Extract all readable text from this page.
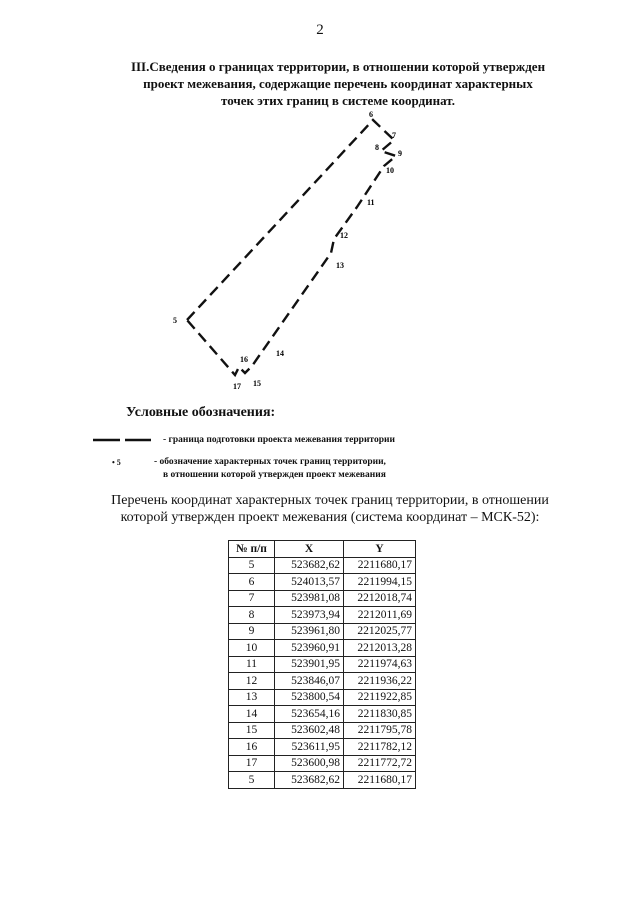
2
III.Сведения о границах территории, в отношении которой утвержден
проект межевания, содержащие перечень координат характерных
точек этих границ в системе координат.
5
6
7
8
9
10
11
12
13
14
15
16
17
Условные обозначения:
- граница подготовки проекта межевания территории
• 5	- обозначение характерных точек границ территории,
в отношении которой утвержден проект межевания
Перечень координат характерных точек границ территории, в отношении
которой утвержден проект межевания (система координат – МСК-52):
№ п/п	X	Y
5	523682,62	2211680,17
6	524013,57	2211994,15
7	523981,08	2212018,74
8	523973,94	2212011,69
9	523961,80	2212025,77
10	523960,91	2212013,28
11	523901,95	2211974,63
12	523846,07	2211936,22
13	523800,54	2211922,85
14	523654,16	2211830,85
15	523602,48	2211795,78
16	523611,95	2211782,12
17	523600,98	2211772,72
5	523682,62	2211680,17
